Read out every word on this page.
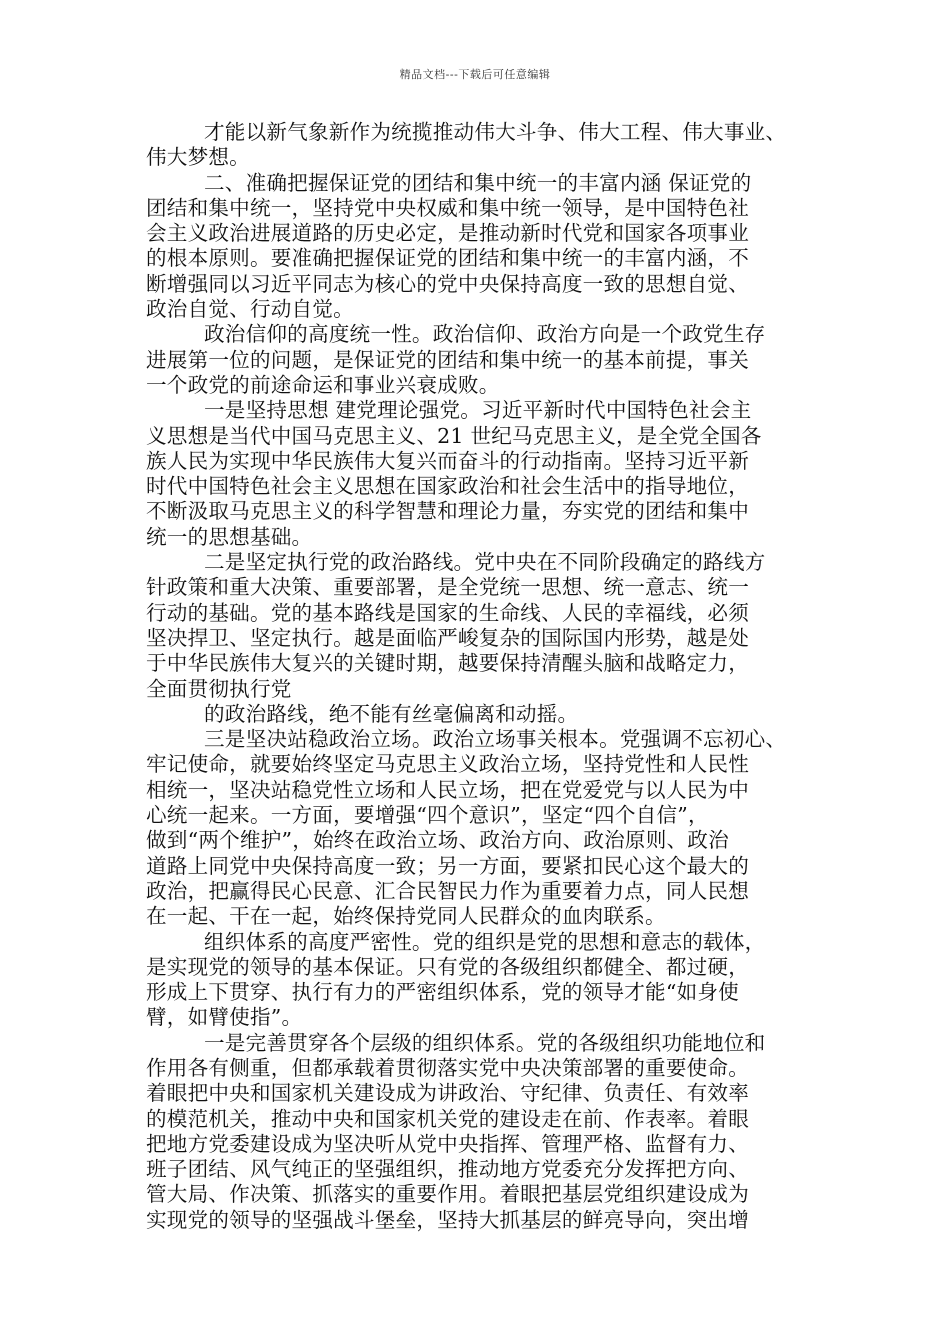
精品文档---下载后可任意编辑
才能以新气象新作为统揽推动伟大斗争、伟大工程、伟大事业、
伟大梦想。
二、准确把握保证党的团结和集中统一的丰富内涵 保证党的
团结和集中统一，坚持党中央权威和集中统一领导，是中国特色社
会主义政治进展道路的历史必定，是推动新时代党和国家各项事业
的根本原则。要准确把握保证党的团结和集中统一的丰富内涵，不
断增强同以习近平同志为核心的党中央保持高度一致的思想自觉、
政治自觉、行动自觉。
政治信仰的高度统一性。政治信仰、政治方向是一个政党生存
进展第一位的问题，是保证党的团结和集中统一的基本前提，事关
一个政党的前途命运和事业兴衰成败。
一是坚持思想 建党理论强党。习近平新时代中国特色社会主
义思想是当代中国马克思主义、21 世纪马克思主义，是全党全国各
族人民为实现中华民族伟大复兴而奋斗的行动指南。坚持习近平新
时代中国特色社会主义思想在国家政治和社会生活中的指导地位，
不断汲取马克思主义的科学智慧和理论力量，夯实党的团结和集中
统一的思想基础。
二是坚定执行党的政治路线。党中央在不同阶段确定的路线方
针政策和重大决策、重要部署，是全党统一思想、统一意志、统一
行动的基础。党的基本路线是国家的生命线、人民的幸福线，必须
坚决捍卫、坚定执行。越是面临严峻复杂的国际国内形势，越是处
于中华民族伟大复兴的关键时期，越要保持清醒头脑和战略定力，
全面贯彻执行党
的政治路线，绝不能有丝毫偏离和动摇。
三是坚决站稳政治立场。政治立场事关根本。党强调不忘初心、
牢记使命，就要始终坚定马克思主义政治立场，坚持党性和人民性
相统一，坚决站稳党性立场和人民立场，把在党爱党与以人民为中
心统一起来。一方面，要增强“四个意识”，坚定“四个自信”，
做到“两个维护”，始终在政治立场、政治方向、政治原则、政治
道路上同党中央保持高度一致；另一方面，要紧扣民心这个最大的
政治，把赢得民心民意、汇合民智民力作为重要着力点，同人民想
在一起、干在一起，始终保持党同人民群众的血肉联系。
组织体系的高度严密性。党的组织是党的思想和意志的载体，
是实现党的领导的基本保证。只有党的各级组织都健全、都过硬，
形成上下贯穿、执行有力的严密组织体系，党的领导才能“如身使
臂，如臂使指”。
一是完善贯穿各个层级的组织体系。党的各级组织功能地位和
作用各有侧重，但都承载着贯彻落实党中央决策部署的重要使命。
着眼把中央和国家机关建设成为讲政治、守纪律、负责任、有效率
的模范机关，推动中央和国家机关党的建设走在前、作表率。着眼
把地方党委建设成为坚决听从党中央指挥、管理严格、监督有力、
班子团结、风气纯正的坚强组织，推动地方党委充分发挥把方向、
管大局、作决策、抓落实的重要作用。着眼把基层党组织建设成为
实现党的领导的坚强战斗堡垒，坚持大抓基层的鲜亮导向，突出增
